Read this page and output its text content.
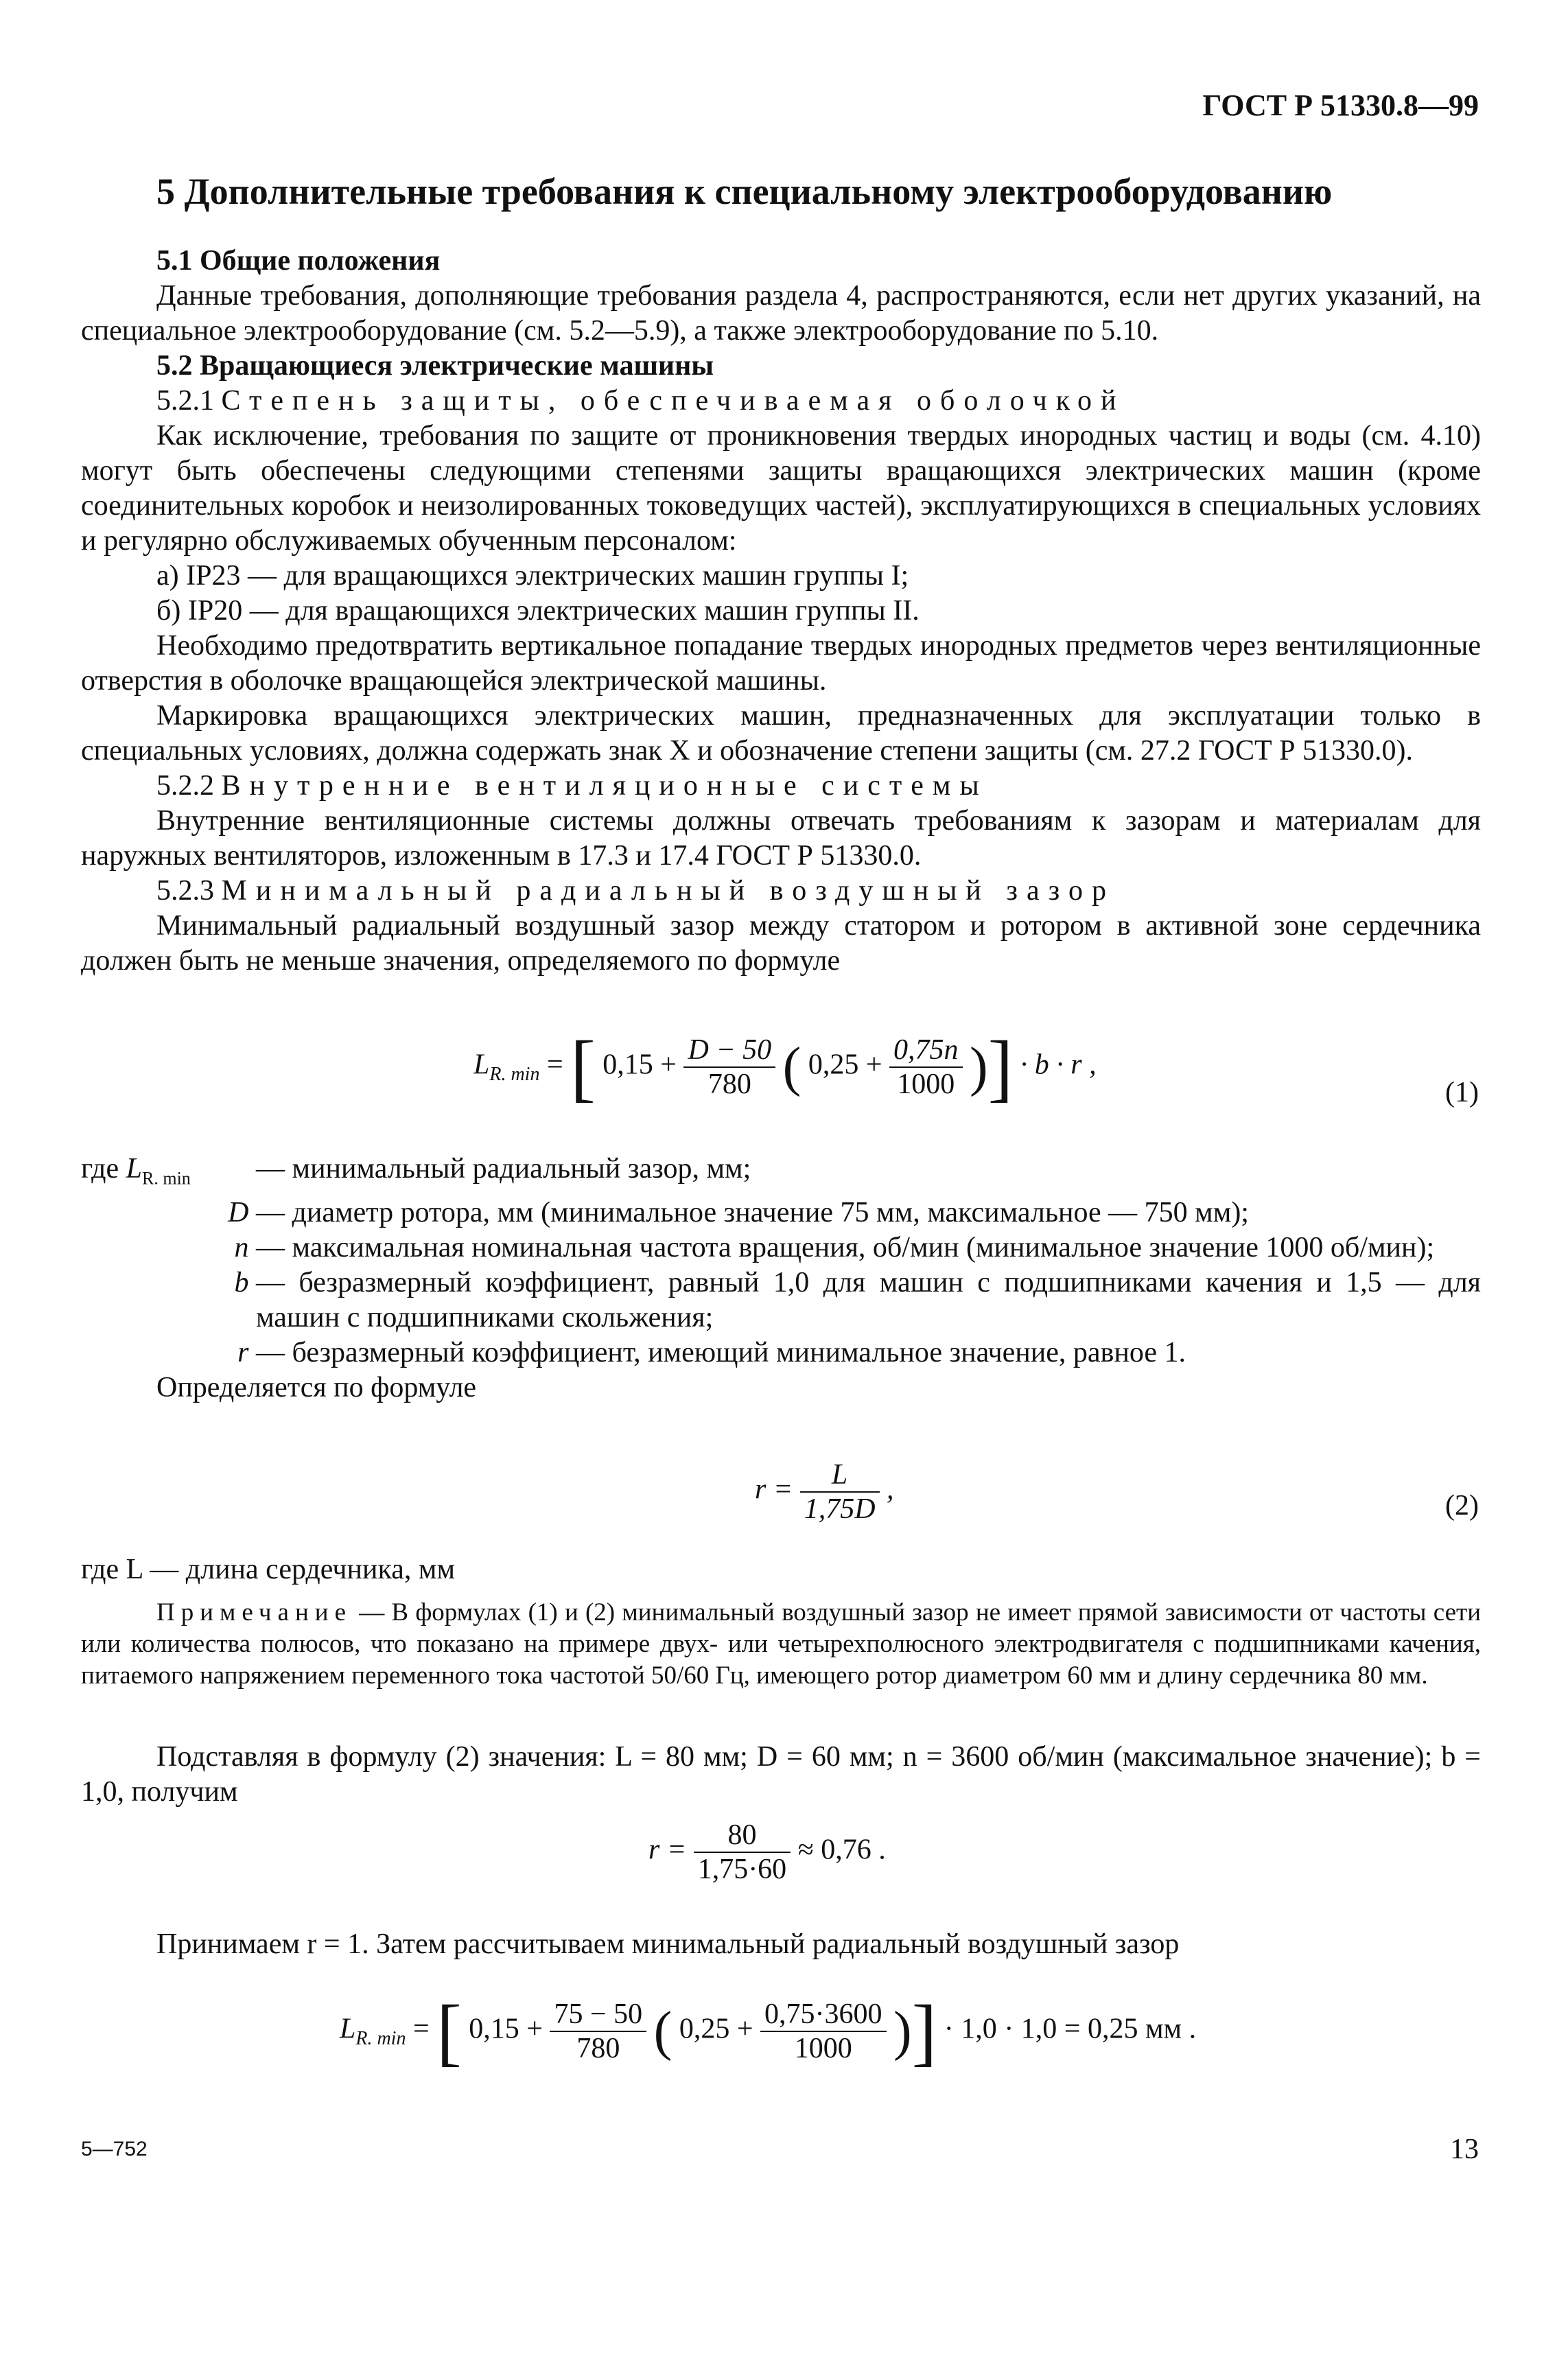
ГОСТ Р 51330.8—99
5 Дополнительные требования к специальному электрооборудованию

5.1 Общие положения

Данные требования, дополняющие требования раздела 4, распространяются, если нет других указаний, на специальное электрооборудование (см. 5.2—5.9), а также электрооборудование по 5.10.

5.2 Вращающиеся электрические машины

5.2.1 Степень защиты, обеспечиваемая оболочкой

Как исключение, требования по защите от проникновения твердых инородных частиц и воды (см. 4.10) могут быть обеспечены следующими степенями защиты вращающихся электрических машин (кроме соединительных коробок и неизолированных токоведущих частей), эксплуатирующихся в специальных условиях и регулярно обслуживаемых обученным персоналом:

а) IP23 — для вращающихся электрических машин группы I;

б) IP20 — для вращающихся электрических машин группы II.

Необходимо предотвратить вертикальное попадание твердых инородных предметов через вентиляционные отверстия в оболочке вращающейся электрической машины.

Маркировка вращающихся электрических машин, предназначенных для эксплуатации только в специальных условиях, должна содержать знак X и обозначение степени защиты (см. 27.2 ГОСТ Р 51330.0).

5.2.2 Внутренние вентиляционные системы

Внутренние вентиляционные системы должны отвечать требованиям к зазорам и материалам для наружных вентиляторов, изложенным в 17.3 и 17.4 ГОСТ Р 51330.0.

5.2.3 Минимальный радиальный воздушный зазор

Минимальный радиальный воздушный зазор между статором и ротором в активной зоне сердечника должен быть не меньше значения, определяемого по формуле

$L_{R. min}$ = [ $0,15 + \frac{D - 50}{780}$ ( $0,25 + \frac{0,75n}{1000}$ )] · b · r ,
(1)
где $L_{R. min}$	— минимальный радиальный зазор, мм;
D — диаметр ротора, мм (минимальное значение 75 мм, максимальное — 750 мм);
n — максимальная номинальная частота вращения, об/мин (минимальное значение 1000 об/мин);
b — безразмерный коэффициент, равный 1,0 для машин с подшипниками качения и 1,5 — для машин с подшипниками скольжения;
r — безразмерный коэффициент, имеющий минимальное значение, равное 1.

Определяется по формуле

$r = \frac{L}{1,75D}$ ,
(2)
где L — длина сердечника, мм

Примечание — В формулах (1) и (2) минимальный воздушный зазор не имеет прямой зависимости от частоты сети или количества полюсов, что показано на примере двух- или четырехполюсного электродвигателя с подшипниками качения, питаемого напряжением переменного тока частотой 50/60 Гц, имеющего ротор диаметром 60 мм и длину сердечника 80 мм.

Подставляя в формулу (2) значения: L = 80 мм; D = 60 мм; n = 3600 об/мин (максимальное значение); b = 1,0, получим

$r = \frac{80}{1,75\cdot 60} \approx 0,76$ .

Принимаем r = 1. Затем рассчитываем минимальный радиальный воздушный зазор

$L_{R. min}$ = [ $0,15 + \frac{75 - 50}{780}$ ( $0,25 + \frac{0,75\cdot 3600}{1000}$ )] · 1,0 · 1,0 = 0,25 мм .
5—752	13
